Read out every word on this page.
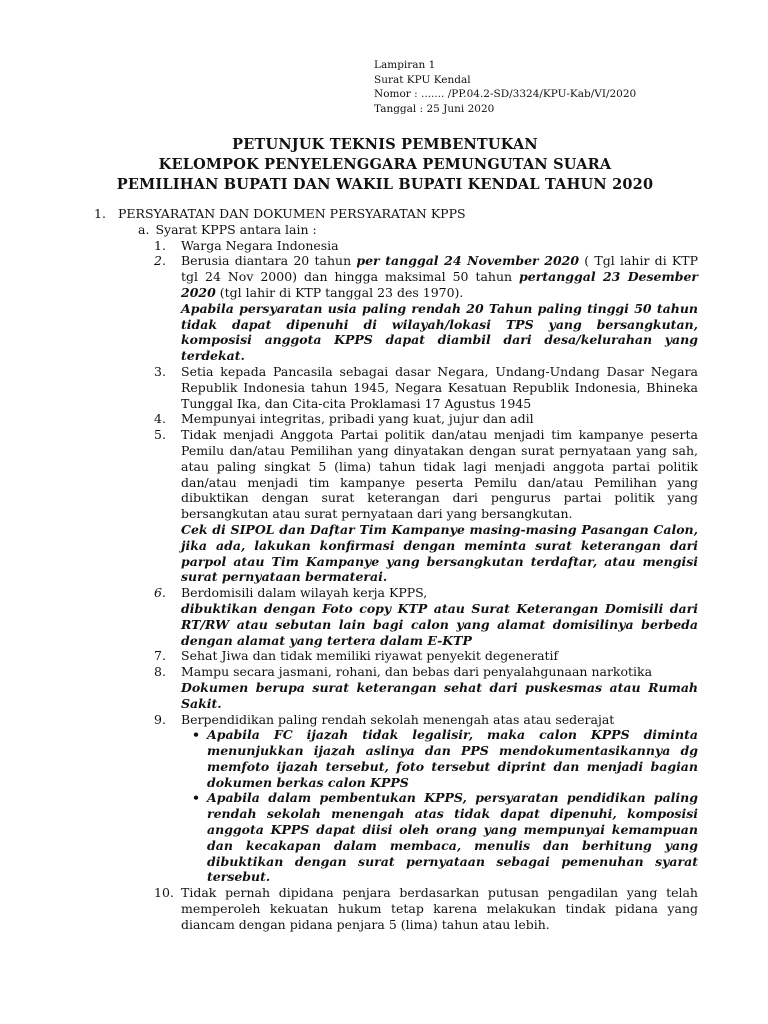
Lampiran 1
Surat KPU Kendal
Nomor : ....... /PP.04.2-SD/3324/KPU-Kab/VI/2020
Tanggal : 25 Juni 2020
PETUNJUK TEKNIS PEMBENTUKAN
KELOMPOK PENYELENGGARA PEMUNGUTAN SUARA
PEMILIHAN BUPATI DAN WAKIL BUPATI KENDAL TAHUN 2020
1. PERSYARATAN DAN DOKUMEN PERSYARATAN KPPS
a. Syarat KPPS antara lain :
1.	Warga Negara Indonesia
2.	Berusia diantara 20 tahun per tanggal 24 November 2020 ( Tgl lahir di KTP tgl 24 Nov 2000) dan hingga maksimal 50 tahun pertanggal 23 Desember 2020 (tgl lahir di KTP tanggal 23 des 1970).
Apabila persyaratan usia paling rendah 20 Tahun paling tinggi 50 tahun tidak dapat dipenuhi di wilayah/lokasi TPS yang bersangkutan, komposisi anggota KPPS dapat diambil dari desa/kelurahan yang terdekat.
3.	Setia kepada Pancasila sebagai dasar Negara, Undang-Undang Dasar Negara Republik Indonesia tahun 1945, Negara Kesatuan Republik Indonesia, Bhineka Tunggal Ika, dan Cita-cita Proklamasi 17 Agustus 1945
4.	Mempunyai integritas, pribadi yang kuat, jujur dan adil
5.	Tidak menjadi Anggota Partai politik dan/atau menjadi tim kampanye peserta Pemilu dan/atau Pemilihan yang dinyatakan dengan surat pernyataan yang sah, atau paling singkat 5 (lima) tahun tidak lagi menjadi anggota partai politik dan/atau menjadi tim kampanye peserta Pemilu dan/atau Pemilihan yang dibuktikan dengan surat keterangan dari pengurus partai politik yang bersangkutan atau surat pernyataan dari yang bersangkutan.
Cek di SIPOL dan Daftar Tim Kampanye masing-masing Pasangan Calon, jika ada, lakukan konfirmasi dengan meminta surat keterangan dari parpol atau Tim Kampanye yang bersangkutan terdaftar, atau mengisi surat pernyataan bermaterai.
6.	Berdomisili dalam wilayah kerja KPPS,
dibuktikan dengan Foto copy KTP atau Surat Keterangan Domisili dari RT/RW atau sebutan lain bagi calon yang alamat domisilinya berbeda dengan alamat yang tertera dalam E-KTP
7.	Sehat Jiwa dan tidak memiliki riyawat penyekit degeneratif
8.	Mampu secara jasmani, rohani, dan bebas dari penyalahgunaan narkotika
Dokumen berupa surat keterangan sehat dari puskesmas atau Rumah Sakit.
9.	Berpendidikan paling rendah sekolah menengah atas atau sederajat
• Apabila FC ijazah tidak legalisir, maka calon KPPS diminta menunjukkan ijazah aslinya dan PPS mendokumentasikannya dg memfoto ijazah tersebut, foto tersebut diprint dan menjadi bagian dokumen berkas calon KPPS
• Apabila dalam pembentukan KPPS, persyaratan pendidikan paling rendah sekolah menengah atas tidak dapat dipenuhi, komposisi anggota KPPS dapat diisi oleh orang yang mempunyai kemampuan dan kecakapan dalam membaca, menulis dan berhitung yang dibuktikan dengan surat pernyataan sebagai pemenuhan syarat tersebut.
10. Tidak pernah dipidana penjara berdasarkan putusan pengadilan yang telah memperoleh kekuatan hukum tetap karena melakukan tindak pidana yang diancam dengan pidana penjara 5 (lima) tahun atau lebih.
